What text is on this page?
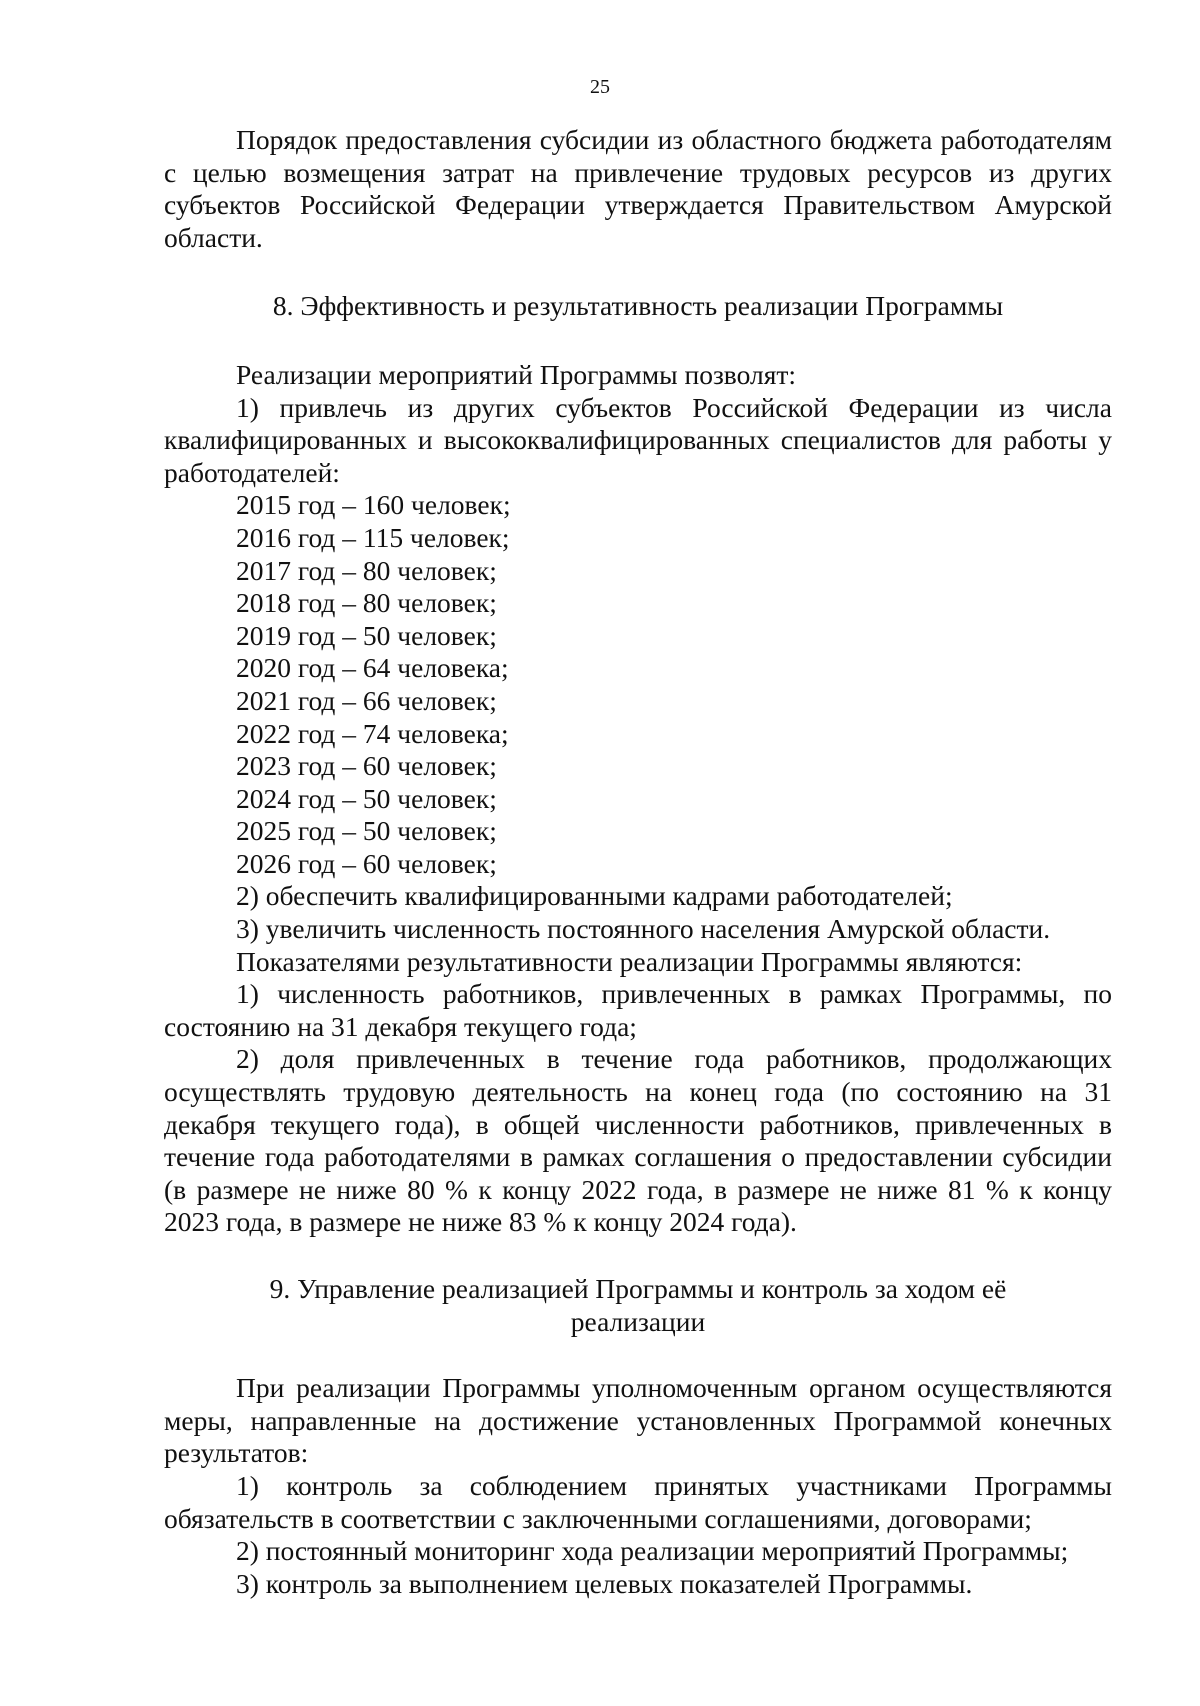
25

Порядок предоставления субсидии из областного бюджета работодателям с целью возмещения затрат на привлечение трудовых ресурсов из других субъектов Российской Федерации утверждается Правительством Амурской области.

8. Эффективность и результативность реализации Программы

Реализации мероприятий Программы позволят:

1) привлечь из других субъектов Российской Федерации из числа квалифицированных и высококвалифицированных специалистов для работы у работодателей:

2015 год – 160 человек;

2016 год – 115 человек;

2017 год – 80 человек;

2018 год – 80 человек;

2019 год – 50 человек;

2020 год – 64 человека;

2021 год – 66 человек;

2022 год – 74 человека;

2023 год – 60 человек;

2024 год – 50 человек;

2025 год – 50 человек;

2026 год – 60 человек;

2) обеспечить квалифицированными кадрами работодателей;

3) увеличить численность постоянного населения Амурской области.

Показателями результативности реализации Программы являются:

1) численность работников, привлеченных в рамках Программы, по состоянию на 31 декабря текущего года;

2) доля привлеченных в течение года работников, продолжающих осуществлять трудовую деятельность на конец года (по состоянию на 31 декабря текущего года), в общей численности работников, привлеченных в течение года работодателями в рамках соглашения о предоставлении субсидии (в размере не ниже 80 % к концу 2022 года, в размере не ниже 81 % к концу 2023 года, в размере не ниже 83 % к концу 2024 года).

9. Управление реализацией Программы и контроль за ходом её

реализации

При реализации Программы уполномоченным органом осуществляются меры, направленные на достижение установленных Программой конечных результатов:

1) контроль за соблюдением принятых участниками Программы обязательств в соответствии с заключенными соглашениями, договорами;

2) постоянный мониторинг хода реализации мероприятий Программы;

3) контроль за выполнением целевых показателей Программы.
